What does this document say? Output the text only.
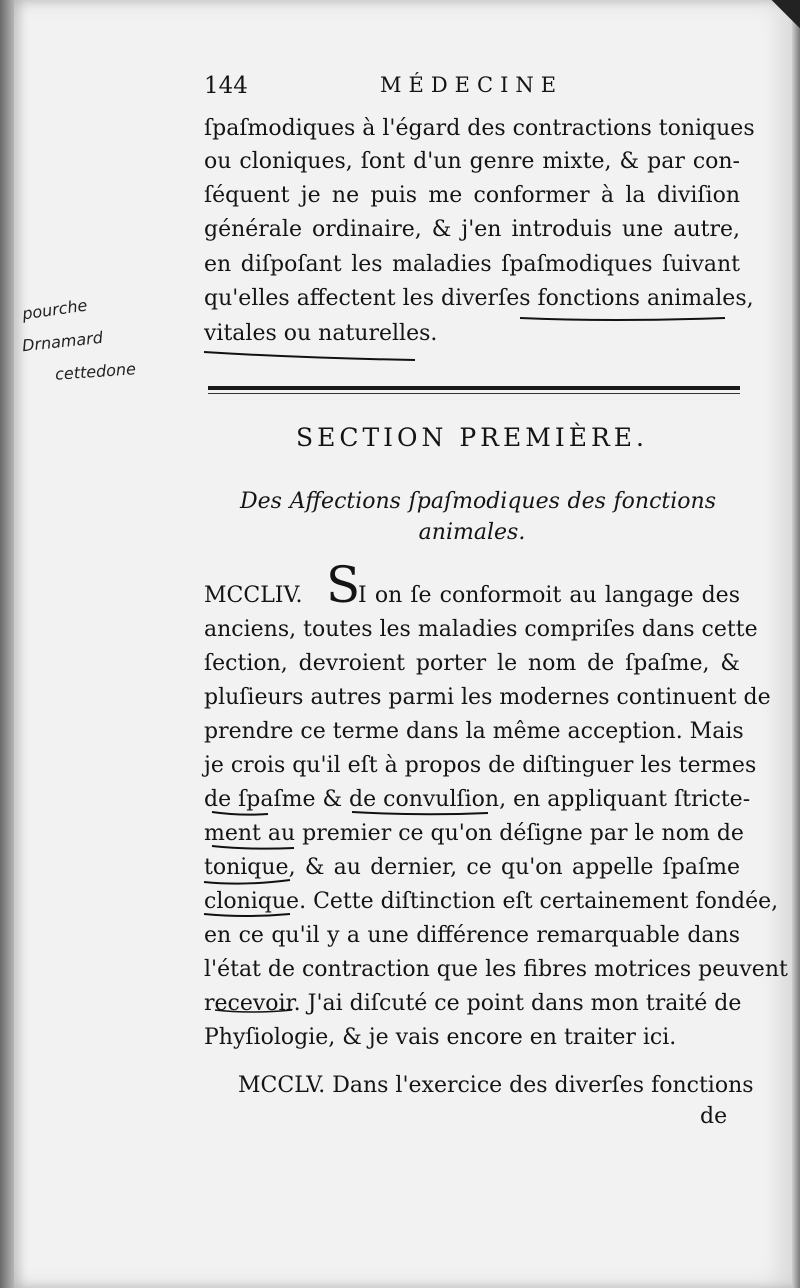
144	MÉDECINE
ſpaſmodiques à l'égard des contractions toniques
ou cloniques, ſont d'un genre mixte, & par con-
ſéquent je ne puis me conformer à la diviſion
générale ordinaire, & j'en introduis une autre,
en diſpoſant les maladies ſpaſmodiques ſuivant
qu'elles affectent les diverſes fonctions animales,
vitales ou naturelles.
SECTION PREMIÈRE.
Des Affections ſpaſmodiques des fonctions
animales.
MCCLIV. S
I on ſe conformoit au langage des
anciens, toutes les maladies compriſes dans cette
ſection, devroient porter le nom de ſpaſme, &
pluſieurs autres parmi les modernes continuent de
prendre ce terme dans la même acception. Mais
je crois qu'il eſt à propos de diſtinguer les termes
de ſpaſme & de convulſion, en appliquant ſtricte-
ment au premier ce qu'on déſigne par le nom de
tonique, & au dernier, ce qu'on appelle ſpaſme
clonique. Cette diſtinction eſt certainement fondée,
en ce qu'il y a une différence remarquable dans
l'état de contraction que les fibres motrices peuvent
recevoir. J'ai diſcuté ce point dans mon traité de
Phyſiologie, & je vais encore en traiter ici.
MCCLV. Dans l'exercice des diverſes fonctions
de
pourche
Drnamard
cettedone
